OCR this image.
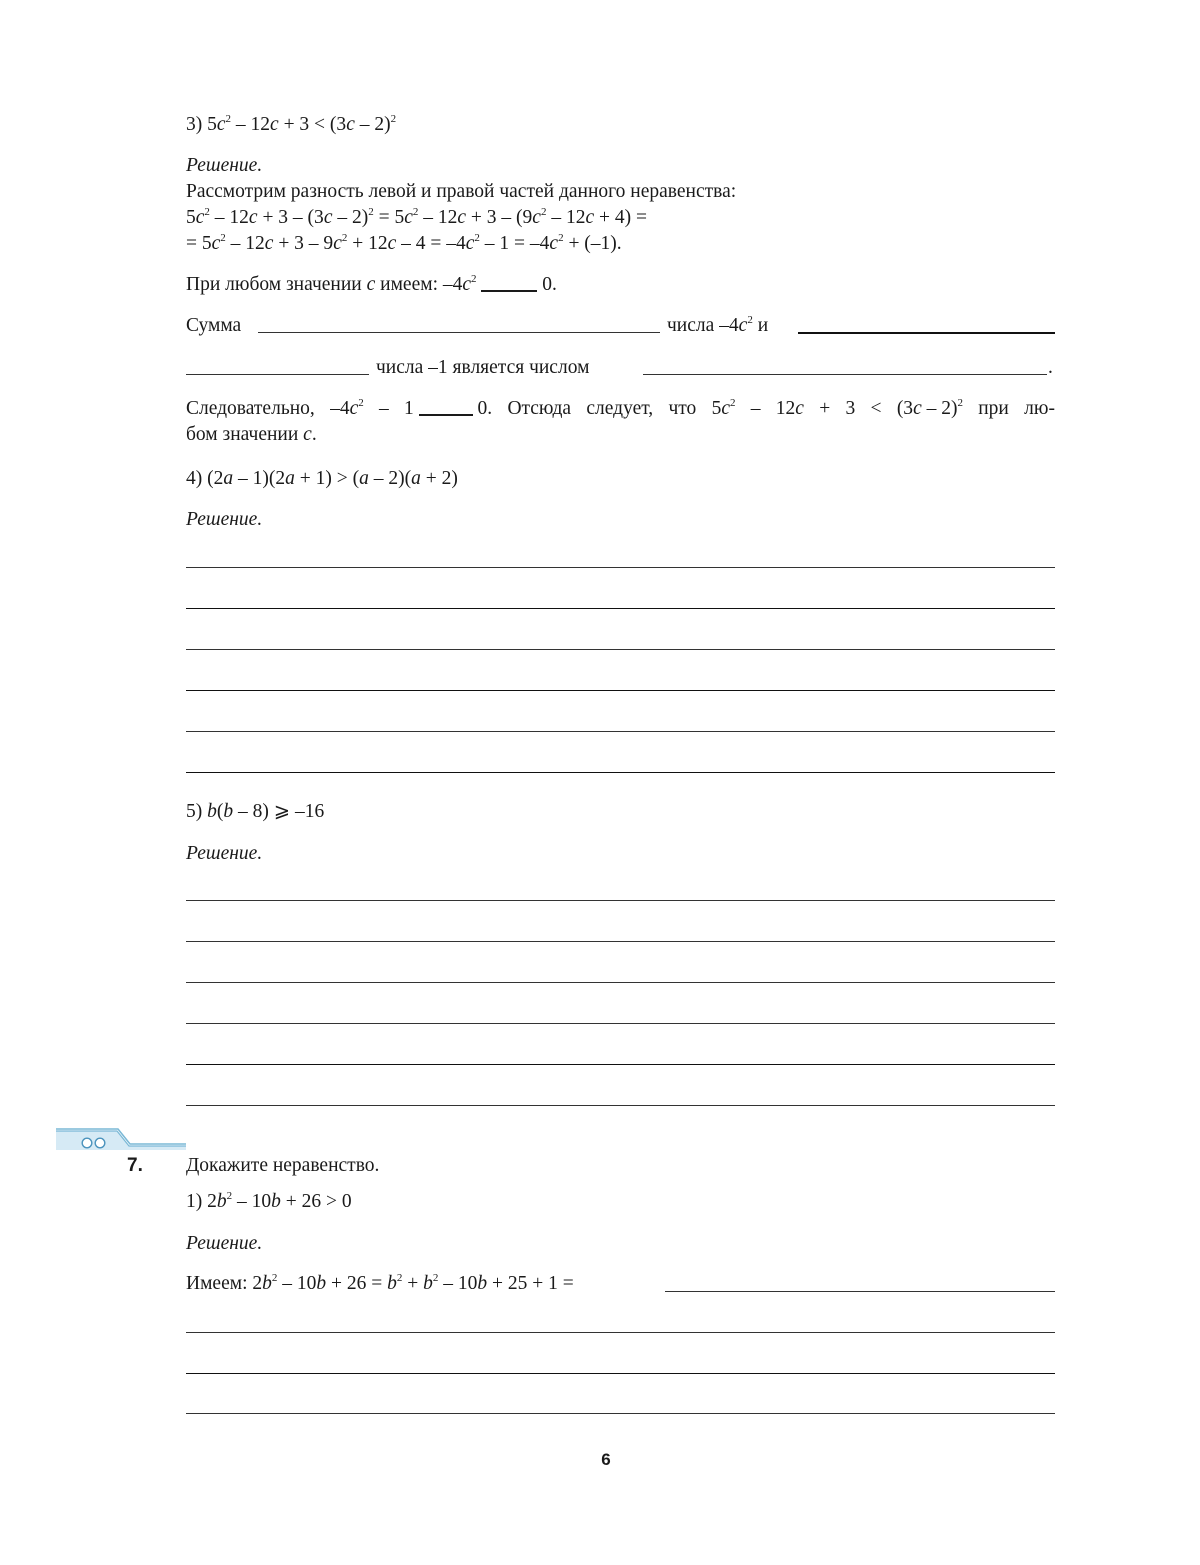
3) $5c^2 - 12c + 3 < (3c - 2)^2$
Решение.
Рассмотрим разность левой и правой частей данного неравенства:
$5c^2 - 12c + 3 - (3c - 2)^2 = 5c^2 - 12c + 3 - (9c^2 - 12c + 4)$ =
= $5c^2 - 12c + 3 - 9c^2 + 12c - 4 = -4c^2 - 1 = -4c^2 + (-1)$.
При любом значении c имеем: $-4c^2$	0.
Сумма	числа $-4c^2$ и
числа –1 является числом	.
Следовательно, $-4c^2 - 1$	0. Отсюда следует, что $5c^2 - 12c + 3 < (3c - 2)^2$ при лю-
бом значении c.
4) (2a – 1)(2a + 1) > (a – 2)(a + 2)
Решение.
5) b(b – 8) ⩾ –16
Решение.
7. Докажите неравенство.
1) $2b^2 - 10b + 26 > 0$
Решение.
Имеем: $2b^2 - 10b + 26 = b^2 + b^2 - 10b + 25 + 1$ =
6
